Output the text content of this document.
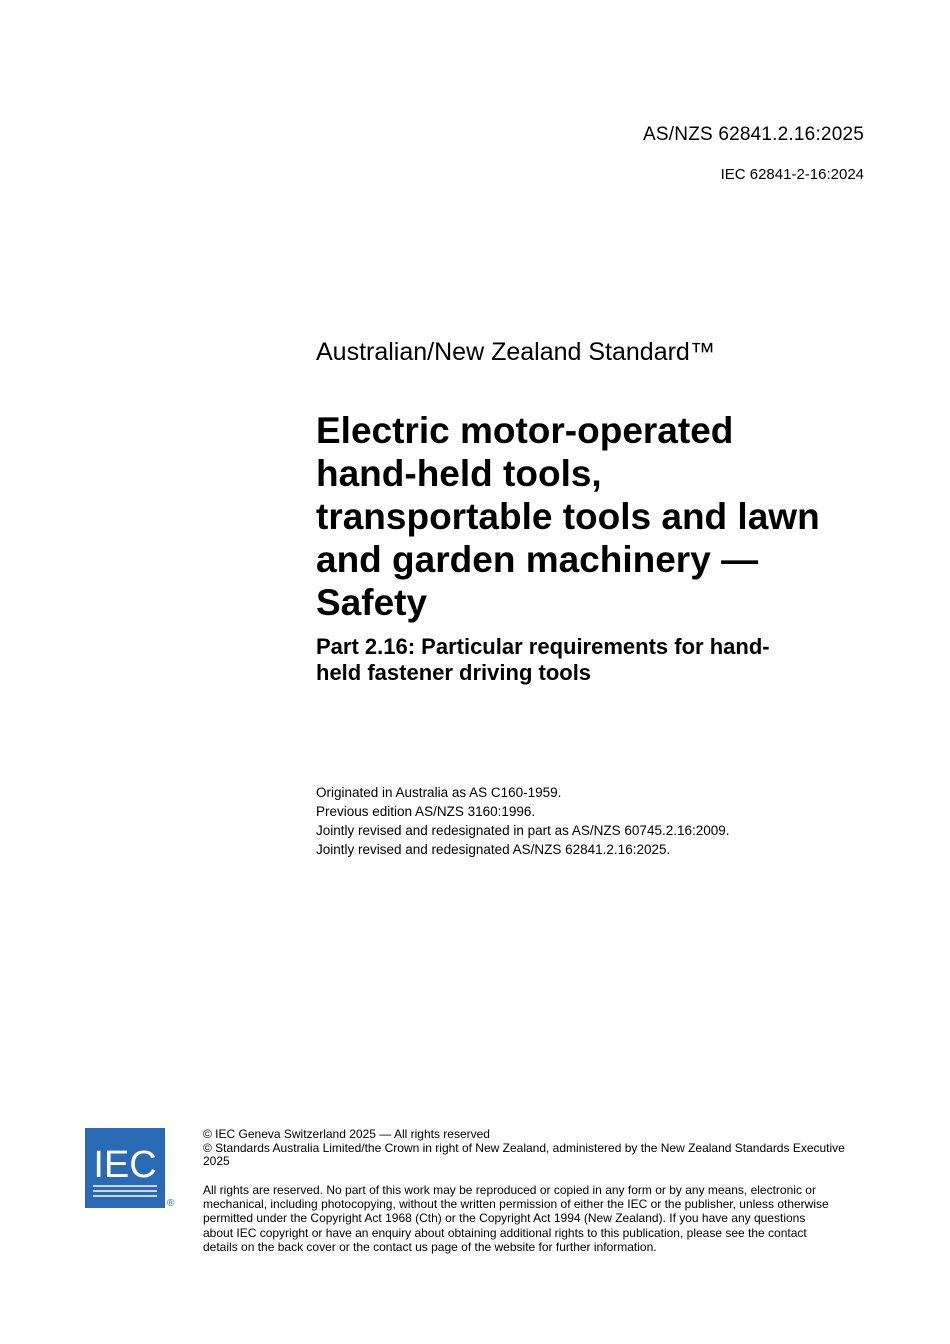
AS/NZS 62841.2.16:2025
IEC 62841-2-16:2024
Australian/New Zealand Standard™
Electric motor-operated
hand-held tools,
transportable tools and lawn
and garden machinery —
Safety
Part 2.16: Particular requirements for hand-
held fastener driving tools
Originated in Australia as AS C160-1959.
Previous edition AS/NZS 3160:1996.
Jointly revised and redesignated in part as AS/NZS 60745.2.16:2009.
Jointly revised and redesignated AS/NZS 62841.2.16:2025.
IEC
®
© IEC Geneva Switzerland 2025 — All rights reserved
© Standards Australia Limited/the Crown in right of New Zealand, administered by the New Zealand Standards Executive 2025
All rights are reserved. No part of this work may be reproduced or copied in any form or by any means, electronic or
mechanical, including photocopying, without the written permission of either the IEC or the publisher, unless otherwise
permitted under the Copyright Act 1968 (Cth) or the Copyright Act 1994 (New Zealand). If you have any questions
about IEC copyright or have an enquiry about obtaining additional rights to this publication, please see the contact
details on the back cover or the contact us page of the website for further information.
